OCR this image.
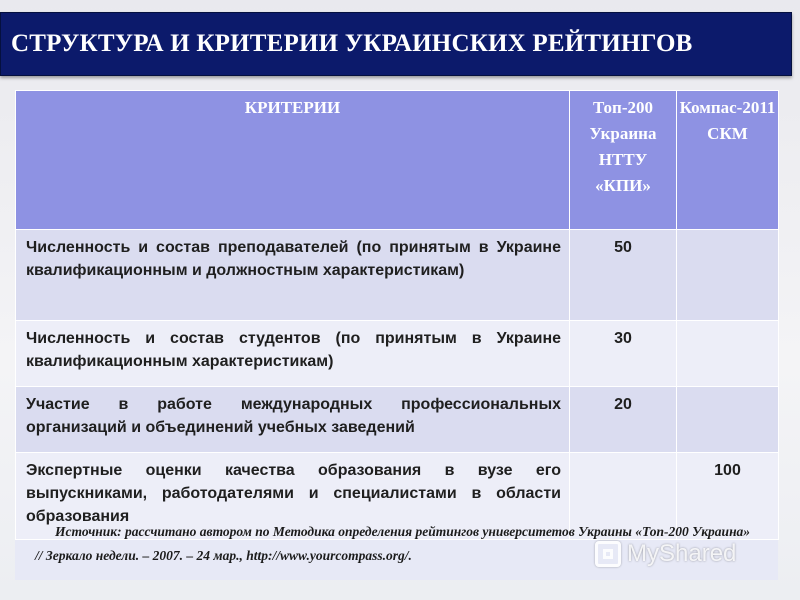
СТРУКТУРА И КРИТЕРИИ УКРАИНСКИХ РЕЙТИНГОВ
КРИТЕРИИ	Топ-200 Украина НТТУ «КПИ»	Компас-2011 СКМ
Численность и состав преподавателей (по принятым в Украине квалификационным и должностным характеристикам)	50	
Численность и состав студентов (по принятым в Украине квалификационным характеристикам)	30	
Участие в работе международных профессиональных организаций и объединений учебных заведений	20	
Экспертные оценки качества образования в вузе его выпускниками, работодателями и специалистами в области образования		100
Источник: рассчитано автором по Методика определения рейтингов университетов Украины «Топ-200 Украина» // Зеркало недели. – 2007. – 24 мар., http://www.yourcompass.org/.	MyShared
